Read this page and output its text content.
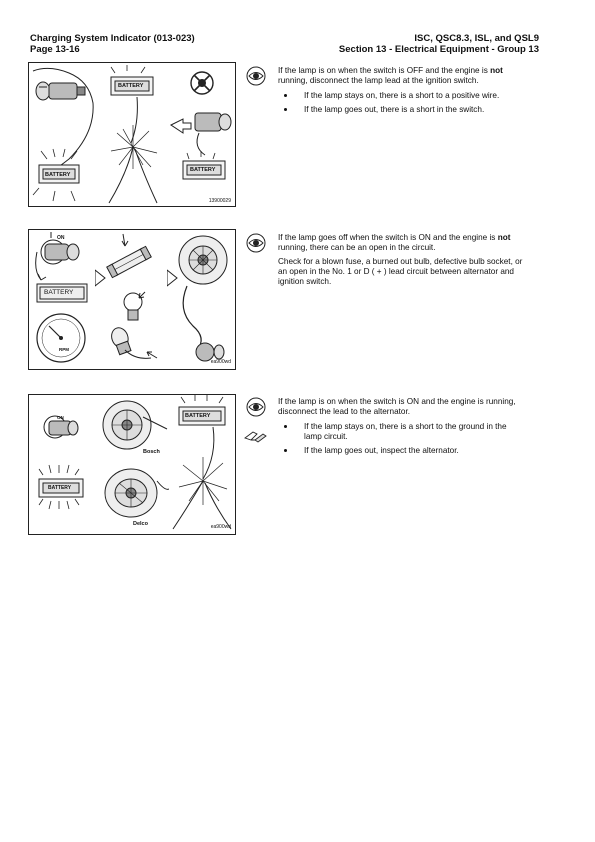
Charging System Indicator (013-023)
Page 13-16
ISC, QSC8.3, ISL, and QSL9
Section 13 - Electrical Equipment - Group 13
BATTERY
BATTERY
BATTERY
13900029
ON
BATTERY
RPM
ea900wd
ON
BATTERY
Bosch
Delco
BATTERY
ea900wd

If the lamp is on when the switch is OFF and the engine is not running, disconnect the lamp lead at the ignition switch.

• If the lamp stays on, there is a short to a positive wire.
• If the lamp goes out, there is a short in the switch.

If the lamp goes off when the switch is ON and the engine is not running, there can be an open in the circuit.

Check for a blown fuse, a burned out bulb, defective bulb socket, or an open in the No. 1 or D ( + ) lead circuit between alternator and ignition switch.

If the lamp is on when the switch is ON and the engine is running, disconnect the lead to the alternator.

• If the lamp stays on, there is a short to the ground in the lamp circuit.
• If the lamp goes out, inspect the alternator.
